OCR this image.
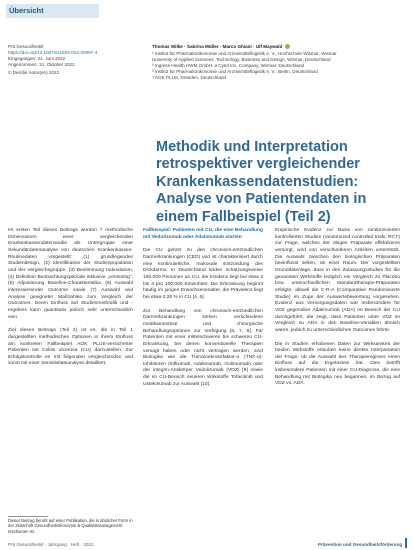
Übersicht
Prä Gesundheitsf
https://doi.org/10.1007/s11553-022-00997-4
Eingegangen: 21. Juni 2022
Angenommen: 31. Oktober 2022
© Der/die Autor(en) 2022
Thomas Wilke · Sabrina Müller · Marco Ghiani · Ulf Maywald
¹ Institut für Pharmakoökonomie und Arzneimittellogistik e. V., Hochschule Wismar, Wismar
University of Applied Sciences, Technology, Business and Design, Wismar, Deutschland
² Ingress-Health HWM GmbH, a Cytel Inc. Company, Wismar, Deutschland
³ Institut für Pharmakoökonomie und Arzneimittellogistik e. V., Berlin, Deutschland
⁴ AOK PLUS, Dresden, Deutschland
Methodik und Interpretation retrospektiver vergleichender Krankenkassendatenstudien: Analyse von Patientendaten in einem Fallbeispiel (Teil 2)
Im ersten Teil dieses Beitrags wurden 7 methodische Dimensionen einer vergleichenden Krankenkassendatenstudie als Untergruppe einer Sekundärdatenanalyse von deutschen Krankenkassen-Routinedaten vorgestellt: (1) grundlegendes Studiendesign, (2) Identifikation der Studienpopulation und der Vergleichsgruppe, (3) Bestimmung Indexdatum, (4) Definition Beobachtungsperiode inklusive „censoring", (5) Adjustierung Baseline-Charakteristika, (6) Auswahl interessierender Outcome sowie (7) Auswahl und Analyse geeigneter Maßzahlen zum Vergleich der Outcomes. Deren Einfluss auf Studienmethodik und -ergebnis kann quantitativ jedoch sehr unterschiedlich sein.
Ziel dieses Beitrags (Teil 2) ist es, die in Teil 1 dargestellten methodischen Optionen in ihrem Einfluss am konkreten Fallbeispiel AOK PLUS-versicherter Patienten mit Colitis ulcerosa (CU) darzustellen. Zur Erfolgskontrolle es mit folgenden vergleichenden und sonst mit einer Sensitivitätsanalyse detailliert.
Fallbeispiel: Patienten mit CU, die eine Behandlung mit Vedolizumab oder Adalimumab starten
Die CU gehört zu den chronisch-entzündlichen Darmerkrankungen (CED) und ist charakterisiert durch eine kontinuierliche, mukosale Entzündung des Dickdarms. In Deutschland leiden schätzungsweise 150.000 Personen an CU, die Inzidenz liegt bei etwa 3 bis 4 pro 100.000 Einwohner. Die Erkrankung beginnt häufig im jungen Erwachsenenalter, die Prävalenz liegt bei etwa 0,26 % in CU [4, 6].
Zur Behandlung von chronisch-entzündlichen Darmerkrankungen stehen verschiedene medikamentöse und chirurgische Behandlungsoptionen zur Verfügung [6, 7, 8]. Für Patienten mit einer mittelschweren bis schweren CU-Erkrankung, bei denen konventionelle Therapien versagt haben oder nicht vertragen werden, sind Biologika wie die Tumornekrosefaktor-α (TNF-α)-Inhibitoren (Infliximab, Adalimumab, Golimumab) oder der integrin-Antikörper Vedolizumab (VDZ) [9] sowie die im CU-Bereich neueren Wirkstoffe Tofacitinib und Ustekinumab zur Auswahl [10].
Empirische Evidenz zur Basis von randomisierten kontrollierten Studien (randomized controlled trials, RCT) zur Frage, welches der obigen Präparate effektiveres versorgt, wird von verschiedenen Arbeiten unterstützt. Die Auswahl zwischen den biologischen Präparaten beeinflusst selten, ob einer Raum. Der vorgestellten Grunddatenlage, dass in den Zulassungsstudien für die genannten Wirkstoffe lediglich ein Vergleich zu Placebo bzw. unterschiedlichen Standardtherapie-Präparaten erfolgte, aktuell die C-R-A (Comparative Randomisierte Studie) im Zuge der Auswertebewertung vorgesehen. Evidenz aus Versorgungsdaten war insbesondere für VDZ gegenüber Adalimumab (ADA) im Bereich der CU durchgeführt, die zeigt, dass Patienten unter VDZ im Vergleich zu ADA in den Baseline-Variablen ähnlich waren, jedoch zu unterschiedlichen Outcomes führte.
Die in Studien erhobenen Daten zur Wirksamkeit der beiden Wirkstoffe erlauben keine direkte Interpretation der Frage, ob die Auswahl des Therapieregimes einen Einfluss auf die Ergebnisse hat. Dies betrifft insbesondere Patienten mit einer CU-Diagnose, die eine Behandlung mit Biologika neu begannen, im Bezug auf VDZ vs. ADA.
Dieser Beitrag beruht auf einer Publikation, die in ähnlicher Form in der Zeitschrift Gesundheitsökonomie & Qualitätsmanagement erschienen ist.
Prä Gesundheitsf · Jahrgang · Heft · 2022	Prävention und Gesundheitsförderung
